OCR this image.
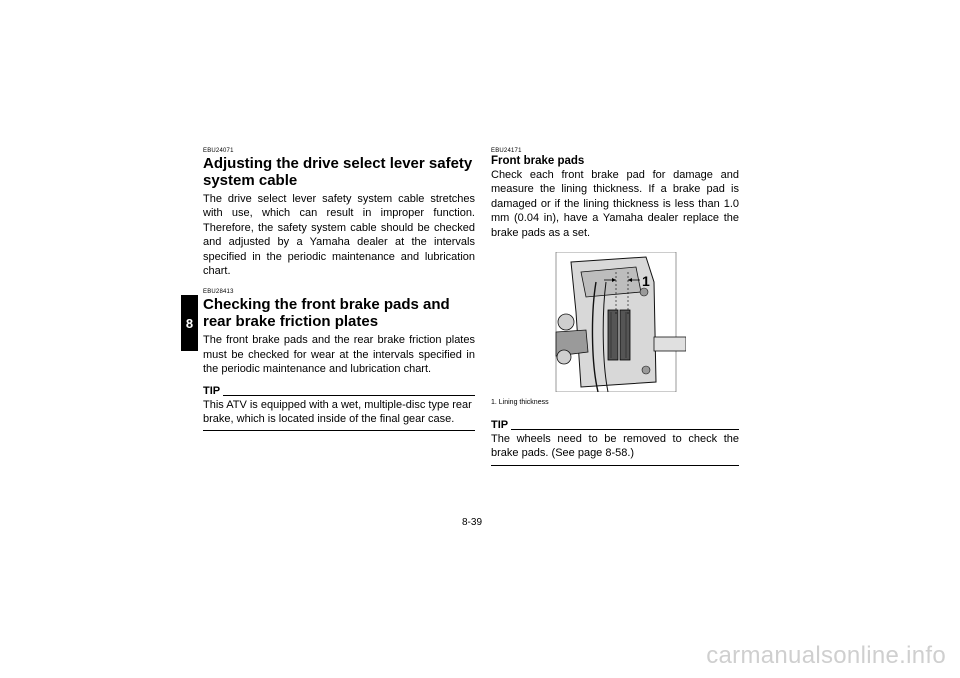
8

EBU24071

Adjusting the drive select lever safety system cable

The drive select lever safety system cable stretches with use, which can result in improper function. Therefore, the safety system cable should be checked and adjusted by a Yamaha dealer at the intervals specified in the periodic maintenance and lubrication chart.

EBU28413

Checking the front brake pads and rear brake friction plates

The front brake pads and the rear brake friction plates must be checked for wear at the intervals specified in the periodic maintenance and lubrication chart.

TIP

This ATV is equipped with a wet, multiple-disc type rear brake, which is located inside of the final gear case.

EBU24171

Front brake pads

Check each front brake pad for damage and measure the lining thickness. If a brake pad is damaged or if the lining thickness is less than 1.0 mm (0.04 in), have a Yamaha dealer replace the brake pads as a set.

1

1. Lining thickness

TIP

The wheels need to be removed to check the brake pads. (See page 8-58.)

8-39
carmanualsonline.info
